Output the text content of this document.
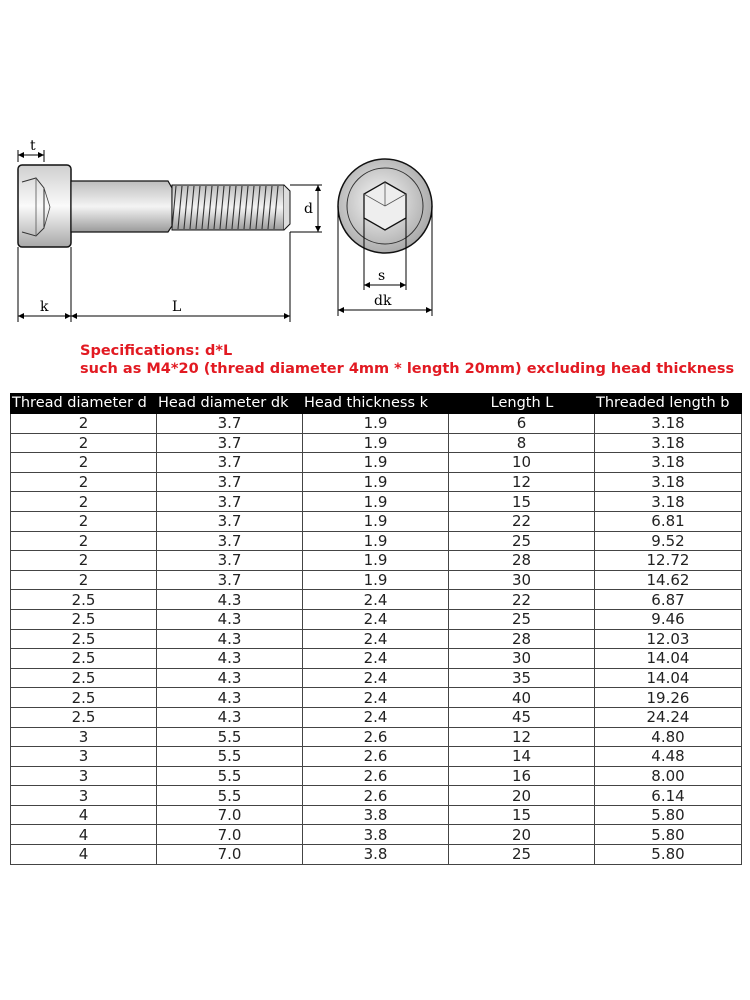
t
d
k	L
s
dk
Specifications: d*L
such as M4*20 (thread diameter 4mm * length 20mm) excluding head thickness
Thread diameter d	Head diameter dk	Head thickness k	Length L	Threaded length b
2	3.7	1.9	6	3.18
2	3.7	1.9	8	3.18
2	3.7	1.9	10	3.18
2	3.7	1.9	12	3.18
2	3.7	1.9	15	3.18
2	3.7	1.9	22	6.81
2	3.7	1.9	25	9.52
2	3.7	1.9	28	12.72
2	3.7	1.9	30	14.62
2.5	4.3	2.4	22	6.87
2.5	4.3	2.4	25	9.46
2.5	4.3	2.4	28	12.03
2.5	4.3	2.4	30	14.04
2.5	4.3	2.4	35	14.04
2.5	4.3	2.4	40	19.26
2.5	4.3	2.4	45	24.24
3	5.5	2.6	12	4.80
3	5.5	2.6	14	4.48
3	5.5	2.6	16	8.00
3	5.5	2.6	20	6.14
4	7.0	3.8	15	5.80
4	7.0	3.8	20	5.80
4	7.0	3.8	25	5.80
